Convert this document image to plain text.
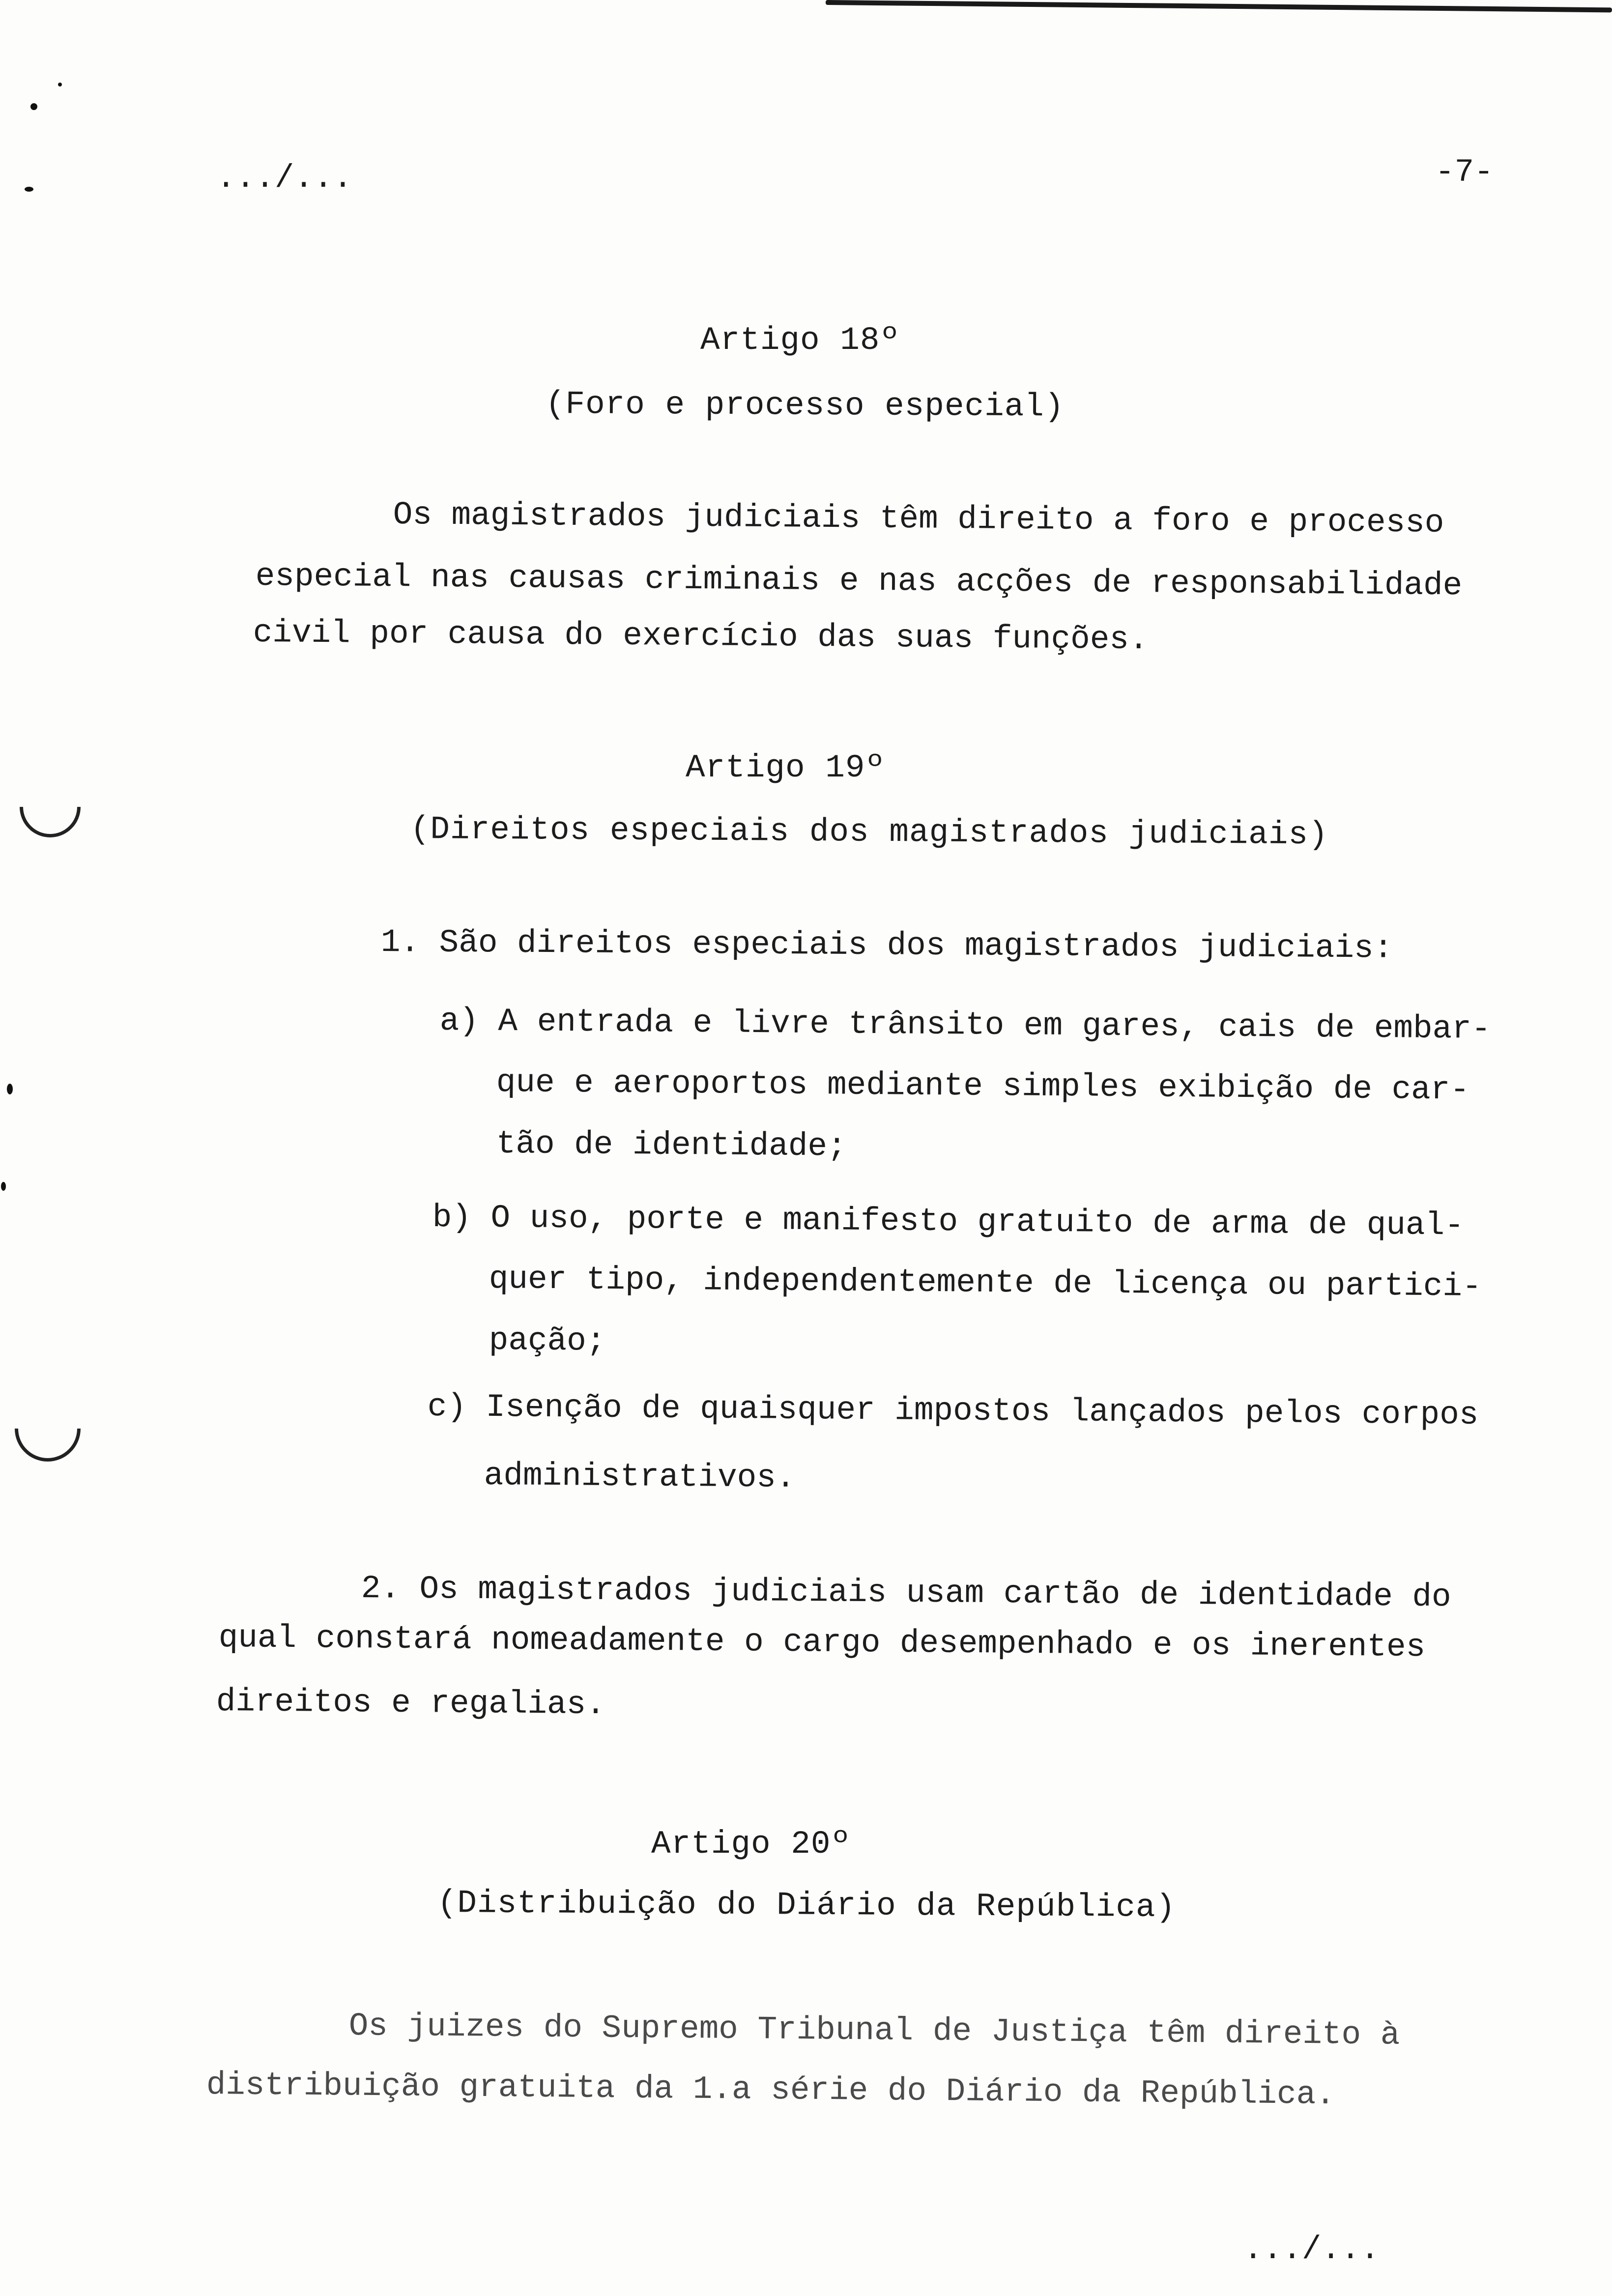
.../...	-7-
Artigo 18º
(Foro e processo especial)
Os magistrados judiciais têm direito a foro e processo
especial nas causas criminais e nas acções de responsabilidade
civil por causa do exercício das suas funções.
Artigo 19º
(Direitos especiais dos magistrados judiciais)
1. São direitos especiais dos magistrados judiciais:
a) A entrada e livre trânsito em gares, cais de embar-
que e aeroportos mediante simples exibição de car-
tão de identidade;
b) O uso, porte e manifesto gratuito de arma de qual-
quer tipo, independentemente de licença ou partici-
pação;
c) Isenção de quaisquer impostos lançados pelos corpos
administrativos.
2. Os magistrados judiciais usam cartão de identidade do
qual constará nomeadamente o cargo desempenhado e os inerentes
direitos e regalias.
Artigo 20º
(Distribuição do Diário da República)
Os juizes do Supremo Tribunal de Justiça têm direito à
distribuição gratuita da 1.a série do Diário da República.
.../...
